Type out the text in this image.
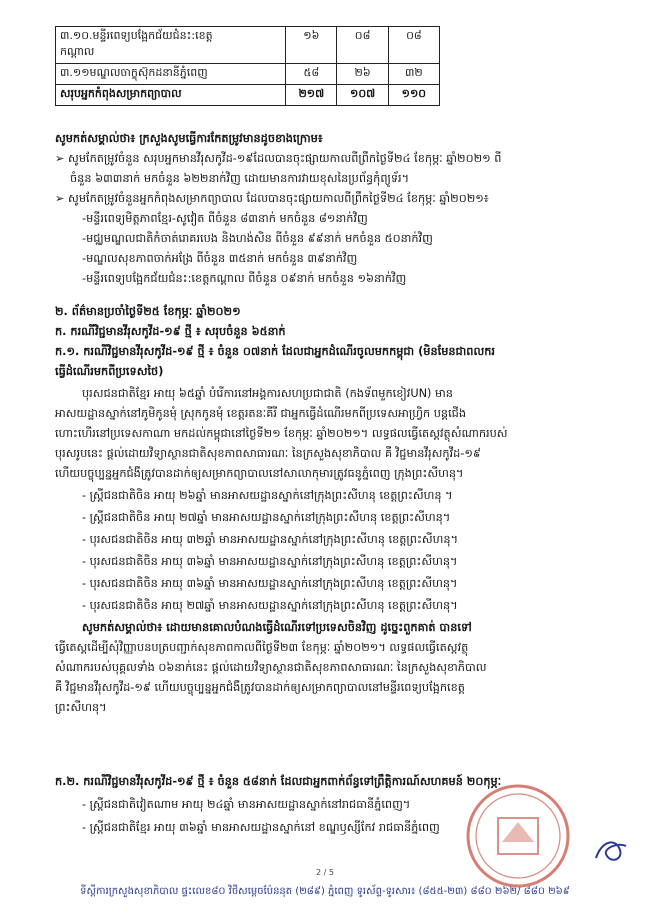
៣.១០.មន្ទីរពេទ្យបង្អែកជ័យជំនះ:ខេត្ត
កណ្តាល	១៦	០៨	០៨

៣.១១មណ្ឌលចាក្ខុស៊ុកដនានីភ្នំពេញ	៥៨	២៦	៣២
សរុបអ្នកកំពុងសម្រាកព្យាបាល	២១៧	១០៧	១១០
សូមកត់សម្គាល់ថា៖ ក្រសួងសូមធ្វើការកែតម្រូវមានដូចខាងក្រោម៖
➢ សូមកែតម្រូវចំនួន សរុបអ្នកមានវីរុសកូវីដ-១៩ដែលបានចុះផ្សាយកាលពីព្រឹកថ្ងៃទី២៤ ខែកុម្ភៈ ឆ្នាំ២០២១ ពី
ចំនួន ៦៣៣នាក់ មកចំនួន ៦២២នាក់វិញ ដោយមានការវាយខុសនៃប្រព័ន្ធកុំព្យូទ័រ។
➢ សូមកែតម្រូវចំនួនអ្នកកំពុងសម្រាកព្យាបាល ដែលបានចុះផ្សាយកាលពីព្រឹកថ្ងៃទី២៤ ខែកុម្ភៈ ឆ្នាំ២០២១៖
-មន្ទីរពេទ្យមិត្តភាពខ្មែរ-សូវៀត ពីចំនួន ៨៣នាក់ មកចំនួន ៨១នាក់វិញ
-មជ្ឈមណ្ឌលជាតិកំចាត់រោគរបេង និងហង់សិន ពីចំនួន ៩៩នាក់ មកចំនួន ៥០នាក់វិញ
-មណ្ឌលសុខភាពចាក់អង្រែ ពីចំនួន ៣៥នាក់ មកចំនួន ៣៩នាក់វិញ
-មន្ទីរពេទ្យបង្អែកជ័យជំនះ:ខេត្តកណ្តាល ពីចំនួន ០៩នាក់ មកចំនួន ១៦នាក់វិញ
២. ព័ត៌មានប្រចាំថ្ងៃទី២៥ ខែកុម្ភៈ ឆ្នាំ២០២១
ក. ករណីវិជ្ជមានវីរុសកូវីដ-១៩ ថ្មី ៖ សរុបចំនួន ៦៥នាក់
ក.១. ករណីវិជ្ជមានវីរុសកូវីដ-១៩ ថ្មី ៖ ចំនួន ០៧នាក់ ដែលជាអ្នកដំណើរចូលមកកម្ពុជា (មិនមែនជាពលករ
ធ្វើដំណើរមកពីប្រទេសថៃ)
បុរសជនជាតិខ្មែរ អាយុ ៦៥ឆ្នាំ បំរើការនៅអង្គការសហប្រជាជាតិ (កងទ័ពមួកខៀវUN) មាន
អាសយដ្ឋានស្នាក់នៅភូមិកូនមុំ ស្រុកកូនមុំ ខេត្តរតនៈគីរី ជាអ្នកធ្វើដំណើរមកពីប្រទេសអាហ្វ្រិក បន្តជើង
ហោះហើរនៅប្រទេសកាណា មកដល់កម្ពុជានៅថ្ងៃទី២១ ខែកុម្ភៈ ឆ្នាំ២០២១។ លទ្ធផលធ្វើតេស្តវត្ថុសំណាករបស់
បុរសរូបនេះ ផ្តល់ដោយវិទ្យាស្ថានជាតិសុខភាពសាធារណៈ នៃក្រសួងសុខាភិបាល គឺ វិជ្ជមានវីរុសកូវីដ-១៩
ហើយបច្ចុប្បន្នអ្នកជំងឺត្រូវបានដាក់ឲ្យសម្រាកព្យាបាលនៅសាលាកុមារត្រូវធនូភ្នំពេញ ក្រុងព្រះសីហនុ។
- ស្ត្រីជនជាតិចិន អាយុ ២៦ឆ្នាំ មានអាសយដ្ឋានស្នាក់នៅក្រុងព្រះសីហនុ ខេត្តព្រះសីហនុ ។
- ស្ត្រីជនជាតិចិន អាយុ ២៧ឆ្នាំ មានអាសយដ្ឋានស្នាក់នៅក្រុងព្រះសីហនុ ខេត្តព្រះសីហនុ។
- បុរសជនជាតិចិន អាយុ ៣២ឆ្នាំ មានអាសយដ្ឋានស្នាក់នៅក្រុងព្រះសីហនុ ខេត្តព្រះសីហនុ។
- បុរសជនជាតិចិន អាយុ ៣៦ឆ្នាំ មានអាសយដ្ឋានស្នាក់នៅក្រុងព្រះសីហនុ ខេត្តព្រះសីហនុ។
- បុរសជនជាតិចិន អាយុ ៣៦ឆ្នាំ មានអាសយដ្ឋានស្នាក់នៅក្រុងព្រះសីហនុ ខេត្តព្រះសីហនុ។
- បុរសជនជាតិចិន អាយុ ២៧ឆ្នាំ មានអាសយដ្ឋានស្នាក់នៅក្រុងព្រះសីហនុ ខេត្តព្រះសីហនុ។
សូមកត់សម្គាល់ថា៖ ដោយមានគោលបំណងធ្វើដំណើរទៅប្រទេសចិនវិញ ដូច្នេះពួកគាត់ បានទៅ
ធ្វើតេស្តដើម្បីសុំវិញ្ញាបនបត្របញ្ជាក់សុខភាពកាលពីថ្ងៃទី២៣ ខែកុម្ភៈ ឆ្នាំ២០២១។ លទ្ធផលធ្វើតេស្តវត្ថុ
សំណាករបស់បុគ្គលទាំង ០៦នាក់នេះ ផ្តល់ដោយវិទ្យាស្ថានជាតិសុខភាពសាធារណៈ នៃក្រសួងសុខាភិបាល
គឺ វិជ្ជមានវីរុសកូវីដ-១៩ ហើយបច្ចុប្បន្នអ្នកជំងឺត្រូវបានដាក់ឲ្យសម្រាកព្យាបាលនៅមន្ទីរពេទ្យបង្អែកខេត្ត
ព្រះសីហនុ។
ក.២. ករណីវិជ្ជមានវីរុសកូវីដ-១៩ ថ្មី ៖ ចំនួន ៥៨នាក់ ដែលជាអ្នកពាក់ព័ន្ធទៅព្រឹត្តិការណ៍សហគមន៍ ២០កុម្ភៈ
- ស្ត្រីជនជាតិវៀតណាម អាយុ ២៤ឆ្នាំ មានអាសយដ្ឋានស្នាក់នៅរាជធានីភ្នំពេញ។
- ស្ត្រីជនជាតិខ្មែរ អាយុ ៣៦ឆ្នាំ មានអាសយដ្ឋានស្នាក់នៅ ខណ្ឌឫស្សីកែវ រាជធានីភ្នំពេញ
2 / 5
ទីស្តីការក្រសួងសុខាភិបាល ផ្ទះលេខ៨០ វិថីសម្តេចប៉ែននុត (២៨៩) ភ្នំពេញ ទូរស័ព្ទ-ទូរសារ៖ (៨៥៥-២៣) ៨៨០ ២៦២/ ៨៨០ ២៦៩
